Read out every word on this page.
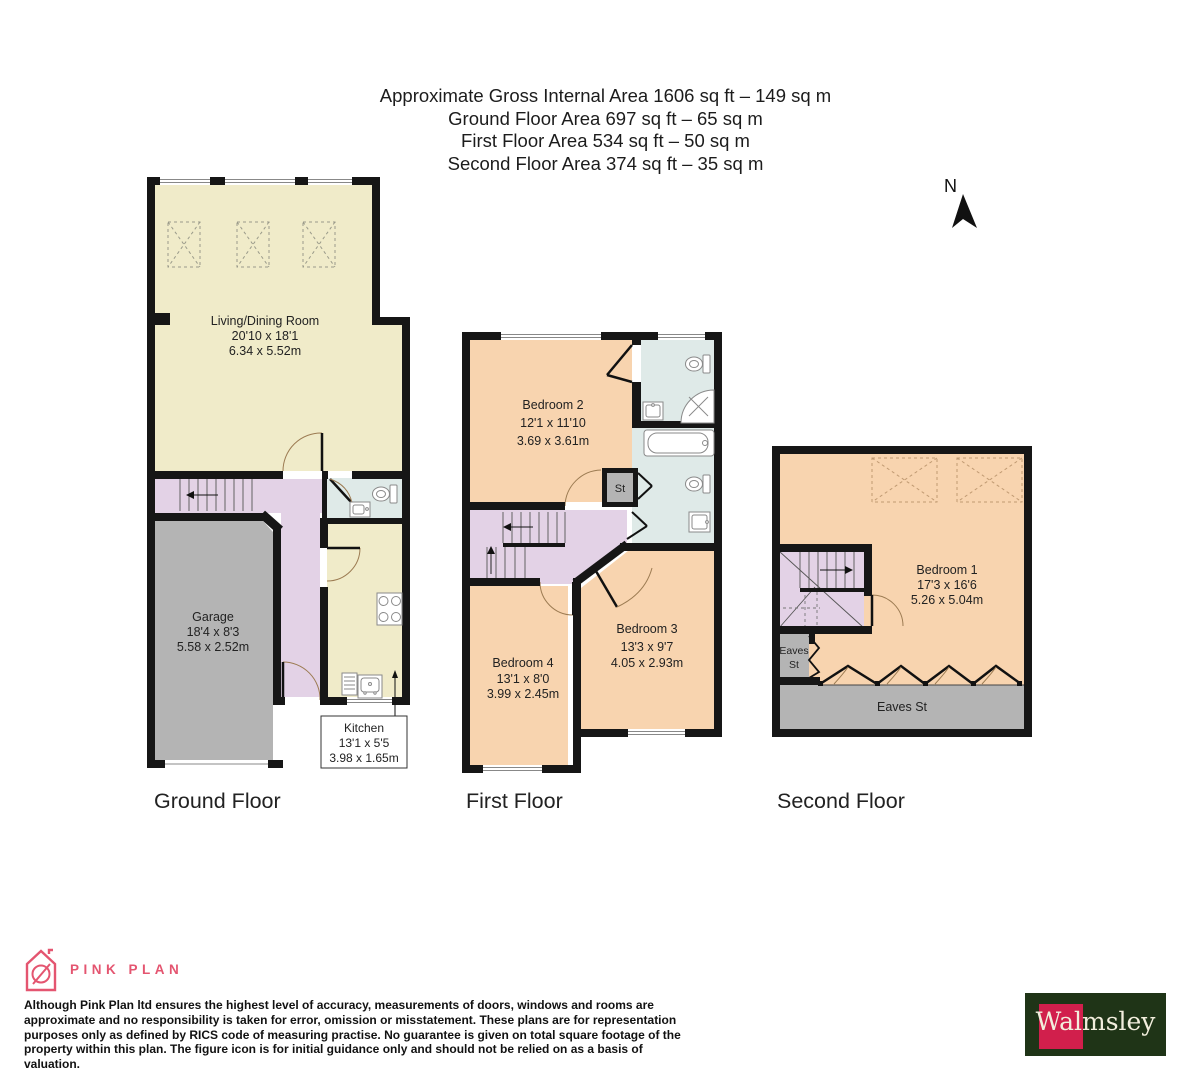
Approximate Gross Internal Area 1606 sq ft – 149 sq m
Ground Floor Area 697 sq ft – 65 sq m
First Floor Area 534 sq ft – 50 sq m
Second Floor Area 374 sq ft – 35 sq m
N
Kitchen
13'1 x 5'5
3.98 x 1.65m
Living/Dining Room
20'10 x 18'1
6.34 x 5.52m
Garage
18'4 x 8'3
5.58 x 2.52m
St
Bedroom 2
12'1 x 11'10
3.69 x 3.61m
Bedroom 3
13'3 x 9'7
4.05 x 2.93m
Bedroom 4
13'1 x 8'0
3.99 x 2.45m
Bedroom 1
17'3 x 16'6
5.26 x 5.04m
Eaves
St
Eaves St
Ground Floor	First Floor	Second Floor
PINK PLAN
Although Pink Plan ltd ensures the highest level of accuracy, measurements of doors, windows and rooms are
approximate and no responsibility is taken for error, omission or misstatement. These plans are for representation
purposes only as defined by RICS code of measuring practise. No guarantee is given on total square footage of the
property within this plan. The figure icon is for initial guidance only and should not be relied on as a basis of valuation.
Walmsley
